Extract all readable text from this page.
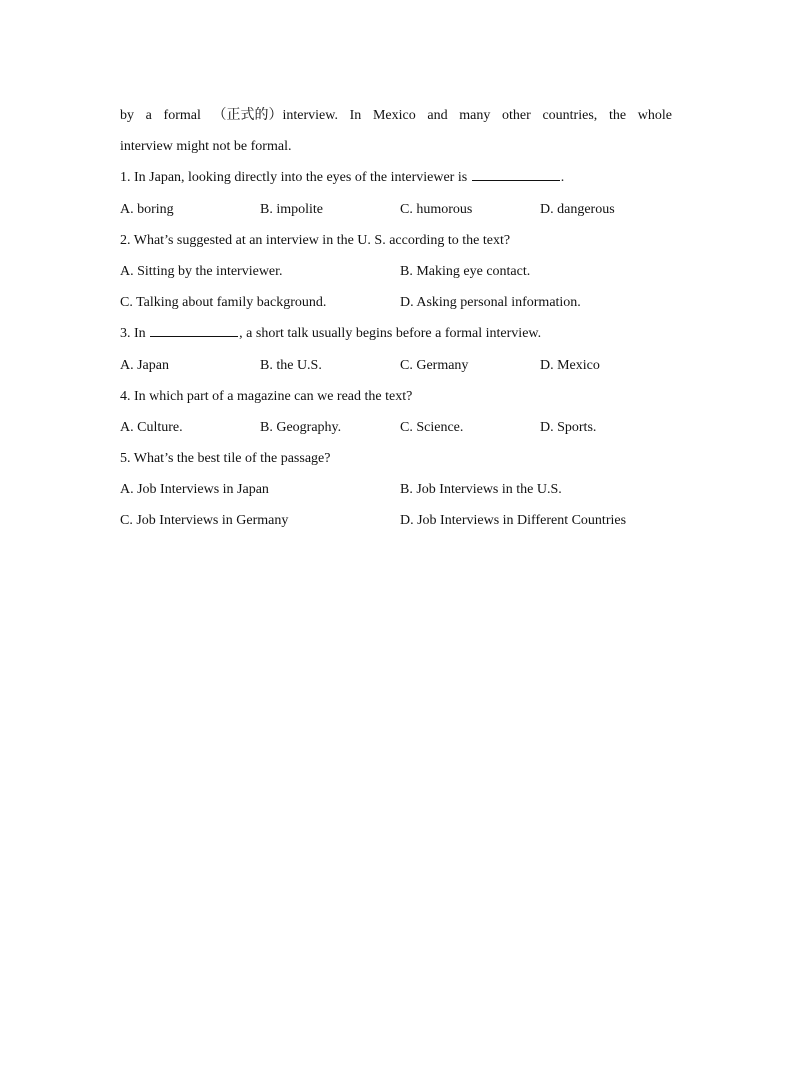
by a formal （正式的）interview. In Mexico and many other countries, the whole
interview might not be formal.
1. In Japan, looking directly into the eyes of the interviewer is	.
A. boring	B. impolite	C. humorous	D. dangerous
2. What’s suggested at an interview in the U. S. according to the text?
A. Sitting by the interviewer.	B. Making eye contact.
C. Talking about family background.	D. Asking personal information.
3. In	, a short talk usually begins before a formal interview.
A. Japan	B. the U.S.	C. Germany	D. Mexico
4. In which part of a magazine can we read the text?
A. Culture.	B. Geography.	C. Science.	D. Sports.
5. What’s the best tile of the passage?
A. Job Interviews in Japan	B. Job Interviews in the U.S.
C. Job Interviews in Germany	D. Job Interviews in Different Countries
